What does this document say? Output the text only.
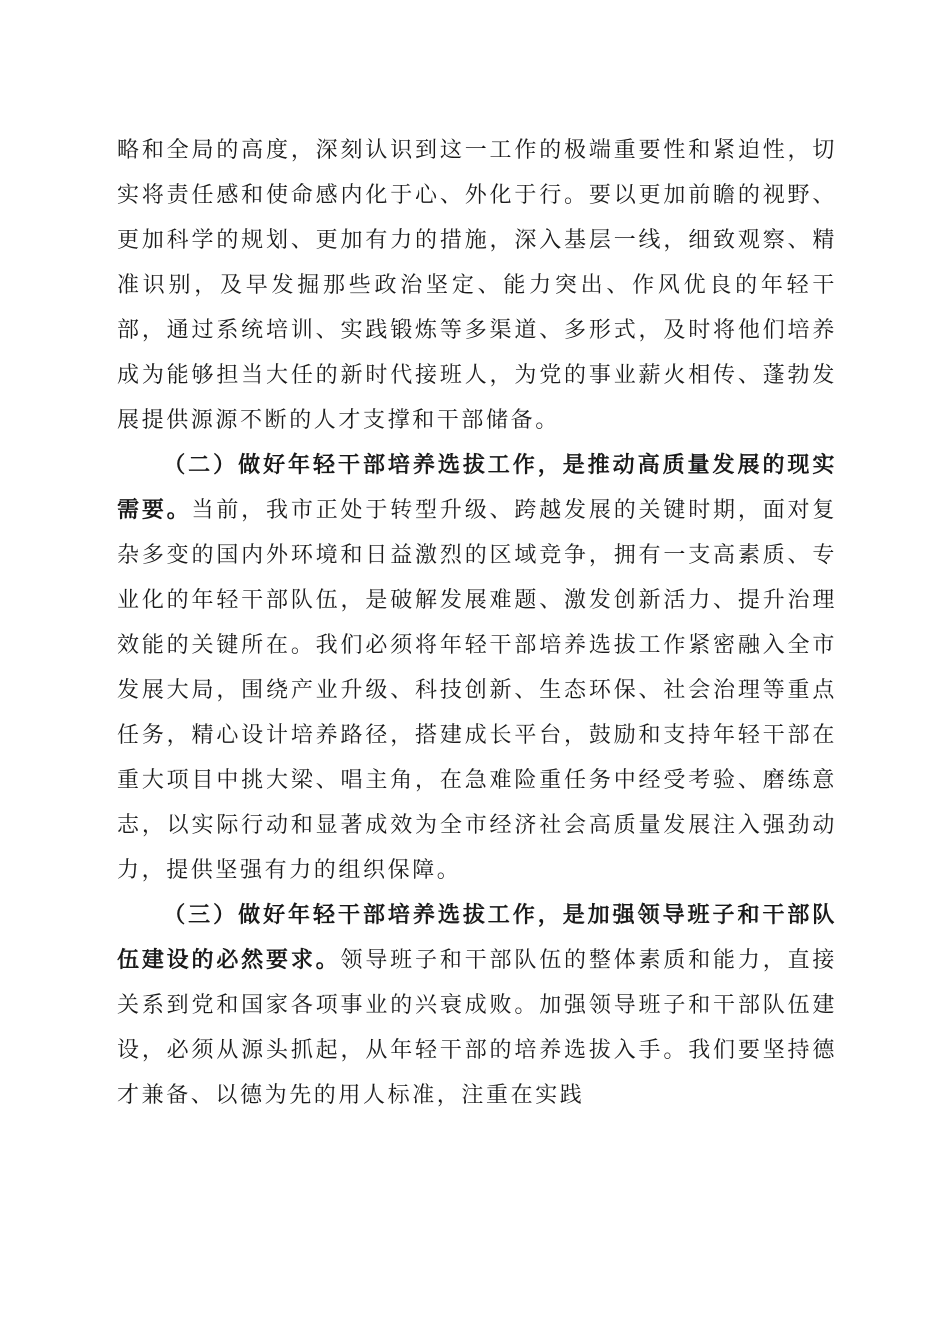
略和全局的高度，深刻认识到这一工作的极端重要性和紧迫性，切实将责任感和使命感内化于心、外化于行。要以更加前瞻的视野、更加科学的规划、更加有力的措施，深入基层一线，细致观察、精准识别，及早发掘那些政治坚定、能力突出、作风优良的年轻干部，通过系统培训、实践锻炼等多渠道、多形式，及时将他们培养成为能够担当大任的新时代接班人，为党的事业薪火相传、蓬勃发展提供源源不断的人才支撑和干部储备。

（二）做好年轻干部培养选拔工作，是推动高质量发展的现实需要。当前，我市正处于转型升级、跨越发展的关键时期，面对复杂多变的国内外环境和日益激烈的区域竞争，拥有一支高素质、专业化的年轻干部队伍，是破解发展难题、激发创新活力、提升治理效能的关键所在。我们必须将年轻干部培养选拔工作紧密融入全市发展大局，围绕产业升级、科技创新、生态环保、社会治理等重点任务，精心设计培养路径，搭建成长平台，鼓励和支持年轻干部在重大项目中挑大梁、唱主角，在急难险重任务中经受考验、磨练意志，以实际行动和显著成效为全市经济社会高质量发展注入强劲动力，提供坚强有力的组织保障。

（三）做好年轻干部培养选拔工作，是加强领导班子和干部队伍建设的必然要求。领导班子和干部队伍的整体素质和能力，直接关系到党和国家各项事业的兴衰成败。加强领导班子和干部队伍建设，必须从源头抓起，从年轻干部的培养选拔入手。我们要坚持德才兼备、以德为先的用人标准，注重在实践
